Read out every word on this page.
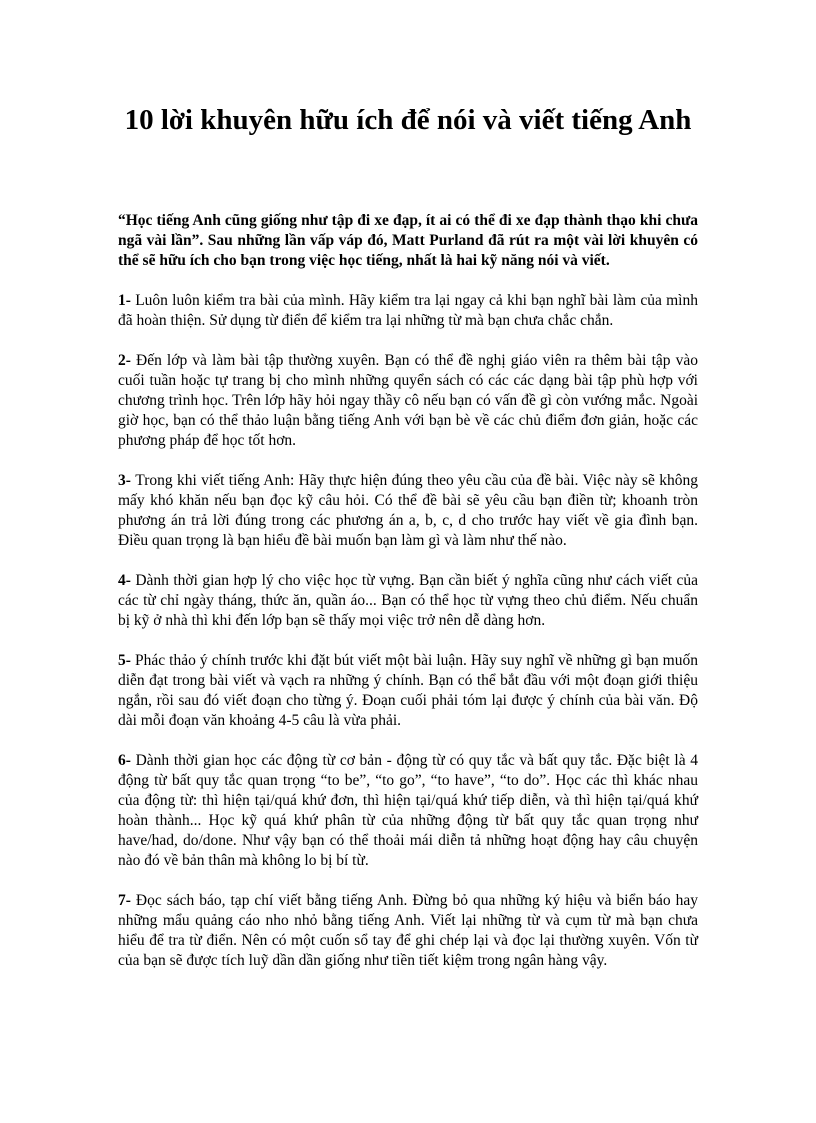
10 lời khuyên hữu ích để nói và viết tiếng Anh

“Học tiếng Anh cũng giống như tập đi xe đạp, ít ai có thể đi xe đạp thành thạo khi chưa ngã vài lần”. Sau những lần vấp váp đó, Matt Purland đã rút ra một vài lời khuyên có thể sẽ hữu ích cho bạn trong việc học tiếng, nhất là hai kỹ năng nói và viết.

1- Luôn luôn kiểm tra bài của mình. Hãy kiểm tra lại ngay cả khi bạn nghĩ bài làm của mình đã hoàn thiện. Sử dụng từ điển để kiểm tra lại những từ mà bạn chưa chắc chắn.

2- Đến lớp và làm bài tập thường xuyên. Bạn có thể đề nghị giáo viên ra thêm bài tập vào cuối tuần hoặc tự trang bị cho mình những quyển sách có các các dạng bài tập phù hợp với chương trình học. Trên lớp hãy hỏi ngay thầy cô nếu bạn có vấn đề gì còn vướng mắc. Ngoài giờ học, bạn có thể thảo luận bằng tiếng Anh với bạn bè về các chủ điểm đơn giản, hoặc các phương pháp để học tốt hơn.

3- Trong khi viết tiếng Anh: Hãy thực hiện đúng theo yêu cầu của đề bài. Việc này sẽ không mấy khó khăn nếu bạn đọc kỹ câu hỏi. Có thể đề bài sẽ yêu cầu bạn điền từ; khoanh tròn phương án trả lời đúng trong các phương án a, b, c, d cho trước hay viết về gia đình bạn. Điều quan trọng là bạn hiểu đề bài muốn bạn làm gì và làm như thế nào.

4- Dành thời gian hợp lý cho việc học từ vựng. Bạn cần biết ý nghĩa cũng như cách viết của các từ chỉ ngày tháng, thức ăn, quần áo... Bạn có thể học từ vựng theo chủ điểm. Nếu chuẩn bị kỹ ở nhà thì khi đến lớp bạn sẽ thấy mọi việc trở nên dễ dàng hơn.

5- Phác thảo ý chính trước khi đặt bút viết một bài luận. Hãy suy nghĩ về những gì bạn muốn diễn đạt trong bài viết và vạch ra những ý chính. Bạn có thể bắt đầu với một đoạn giới thiệu ngắn, rồi sau đó viết đoạn cho từng ý. Đoạn cuối phải tóm lại được ý chính của bài văn. Độ dài mỗi đoạn văn khoảng 4-5 câu là vừa phải.

6- Dành thời gian học các động từ cơ bản - động từ có quy tắc và bất quy tắc. Đặc biệt là 4 động từ bất quy tắc quan trọng “to be”, “to go”, “to have”, “to do”. Học các thì khác nhau của động từ: thì hiện tại/quá khứ đơn, thì hiện tại/quá khứ tiếp diễn, và thì hiện tại/quá khứ hoàn thành... Học kỹ quá khứ phân từ của những động từ bất quy tắc quan trọng như have/had, do/done. Như vậy bạn có thể thoải mái diễn tả những hoạt động hay câu chuyện nào đó về bản thân mà không lo bị bí từ.

7- Đọc sách báo, tạp chí viết bằng tiếng Anh. Đừng bỏ qua những ký hiệu và biển báo hay những mẩu quảng cáo nho nhỏ bằng tiếng Anh. Viết lại những từ và cụm từ mà bạn chưa hiểu để tra từ điển. Nên có một cuốn sổ tay để ghi chép lại và đọc lại thường xuyên. Vốn từ của bạn sẽ được tích luỹ dần dần giống như tiền tiết kiệm trong ngân hàng vậy.
